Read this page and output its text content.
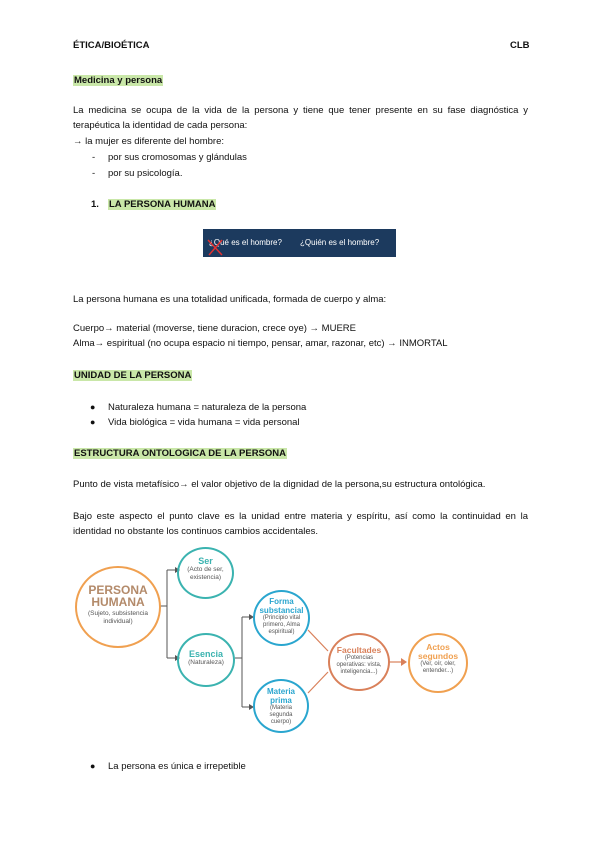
ÉTICA/BIOÉTICA	CLB
Medicina y persona
La medicina se ocupa de la vida de la persona y tiene que tener presente en su fase diagnóstica y terapéutica la identidad de cada persona:
→ la mujer es diferente del hombre:
- por sus cromosomas y glándulas
- por su psicología.
1. LA PERSONA HUMANA
¿Qué es el hombre? ¿Quién es el hombre?
La persona humana es una totalidad unificada, formada de cuerpo y alma:
Cuerpo→ material (moverse, tiene duracion, crece oye) → MUERE
Alma→ espiritual (no ocupa espacio ni tiempo, pensar, amar, razonar, etc) → INMORTAL
UNIDAD DE LA PERSONA
● Naturaleza humana = naturaleza de la persona
● Vida biológica = vida humana = vida personal
ESTRUCTURA ONTOLOGICA DE LA PERSONA
Punto de vista metafísico→ el valor objetivo de la dignidad de la persona,su estructura ontológica.
Bajo este aspecto el punto clave es la unidad entre materia y espíritu, así como la continuidad en la identidad no obstante los continuos cambios accidentales.
PERSONA
HUMANA
(Sujeto, subsistencia individual)
Ser
(Acto de ser, existencia)
Esencia
(Naturaleza)
Forma substancial
(Principio vital primero, Alma espiritual)
Materia prima
(Materia segunda cuerpo)
Facultades
(Potencias operativas: vista, inteligencia...)
Actos segundos
(Ver, oír, oler, entender...)
● La persona es única e irrepetible
